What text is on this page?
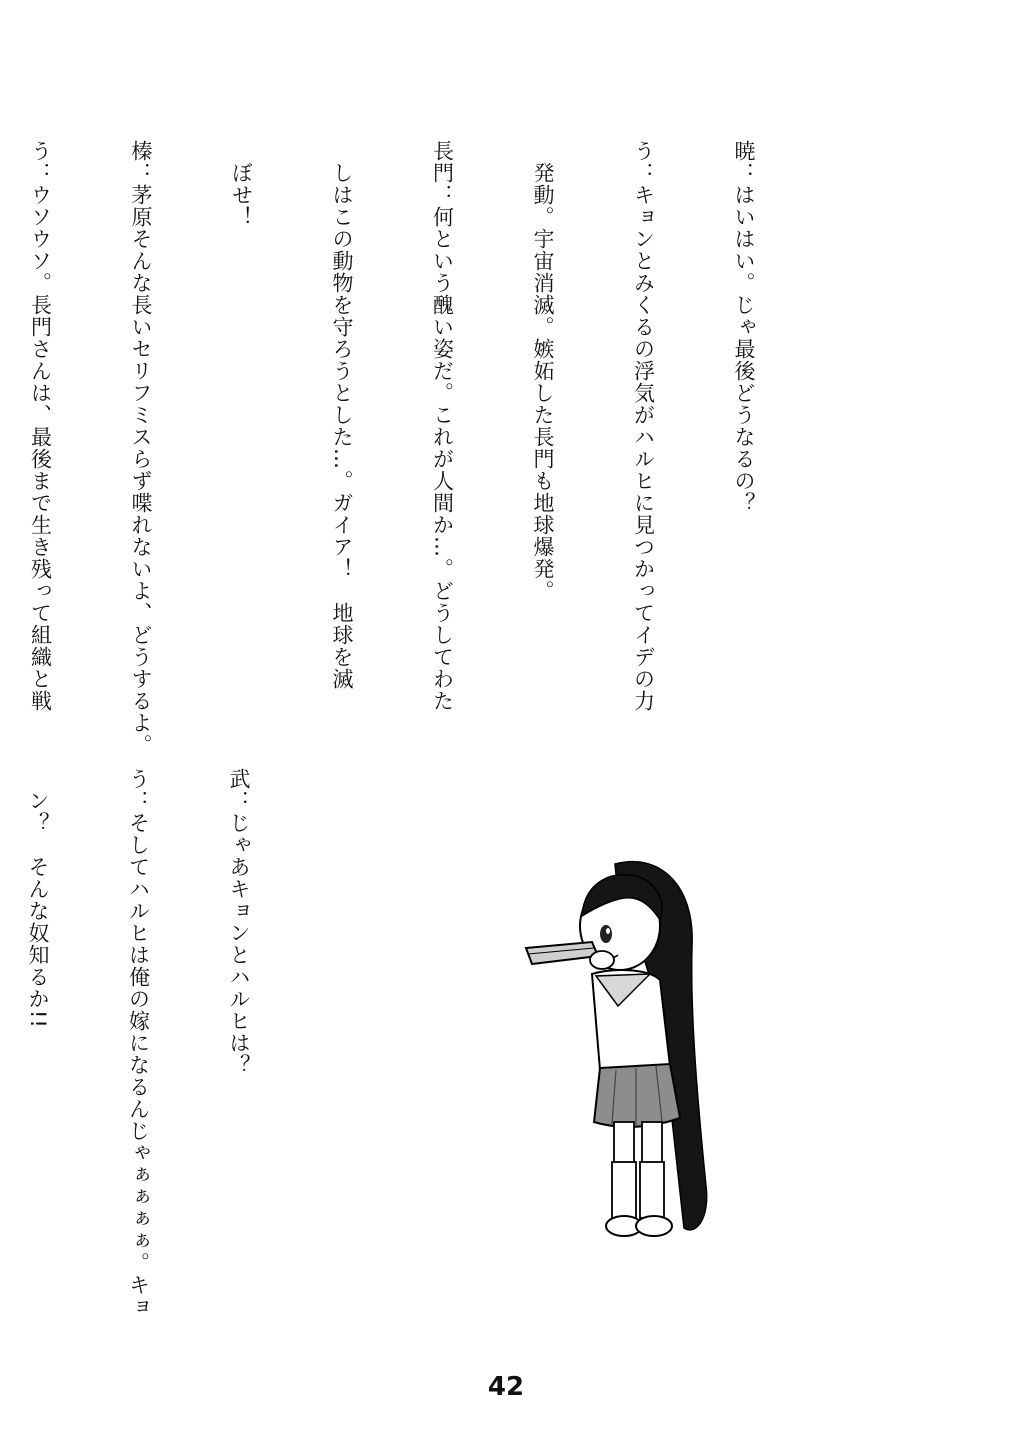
暁：はいはい。じゃ最後どうなるの？

う：キョンとみくるの浮気がハルヒに見つかってイデの力

　発動。宇宙消滅。嫉妬した長門も地球爆発。

長門：何という醜い姿だ。これが人間か…。どうしてわた

　しはこの動物を守ろうとした…。ガイア！　地球を滅

　ぼせ！

榛：茅原そんな長いセリフミスらず喋れないよ、どうするよ。

う：ウソウソ。長門さんは、最後まで生き残って組織と戦

武：じゃあキョンとハルヒは？

う：そしてハルヒは俺の嫁になるんじゃぁぁぁぁ。キョ

　ン？　そんな奴知るか!!

42
